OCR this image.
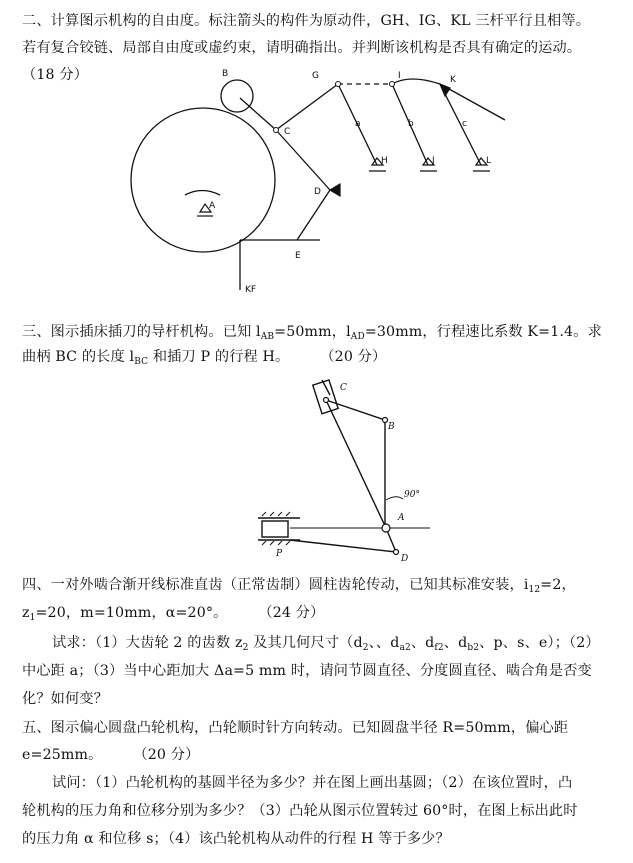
二、计算图示机构的自由度。标注箭头的构件为原动件，GH、IG、KL 三杆平行且相等。
若有复合铰链、局部自由度或虚约束，请明确指出。并判断该机构是否具有确定的运动。
（18 分）	B	G	I	K
C
A
D
H	J	L
E
KF
a	b	c
三、图示插床插刀的导杆机构。已知 $l_{AB}=50mm$，$l_{AD}=30mm$，行程速比系数 K=1.4。求
曲柄 BC 的长度 $l_{BC}$ 和插刀 P 的行程 H。	（20 分）
C
B
A
P	D
90°
四、一对外啮合渐开线标准直齿（正常齿制）圆柱齿轮传动，已知其标准安装，$i_{12}=2$，
$z_1=20$，m=10mm，α=20°。	（24 分）
试求：（1）大齿轮 2 的齿数 $z_2$ 及其几何尺寸（$d_2$、、$d_{a2}$、$d_{f2}$、$d_{b2}$、p、s、e）；（2）
中心距 a；（3）当中心距加大 Δa=5 mm 时，请问节圆直径、分度圆直径、啮合角是否变
化？如何变？
五、图示偏心圆盘凸轮机构，凸轮顺时针方向转动。已知圆盘半径 R=50mm，偏心距
e=25mm。	（20 分）
试问：（1）凸轮机构的基圆半径为多少？并在图上画出基圆；（2）在该位置时，凸
轮机构的压力角和位移分别为多少？（3）凸轮从图示位置转过 60°时，在图上标出此时
的压力角 α 和位移 s；（4）该凸轮机构从动件的行程 H 等于多少？
